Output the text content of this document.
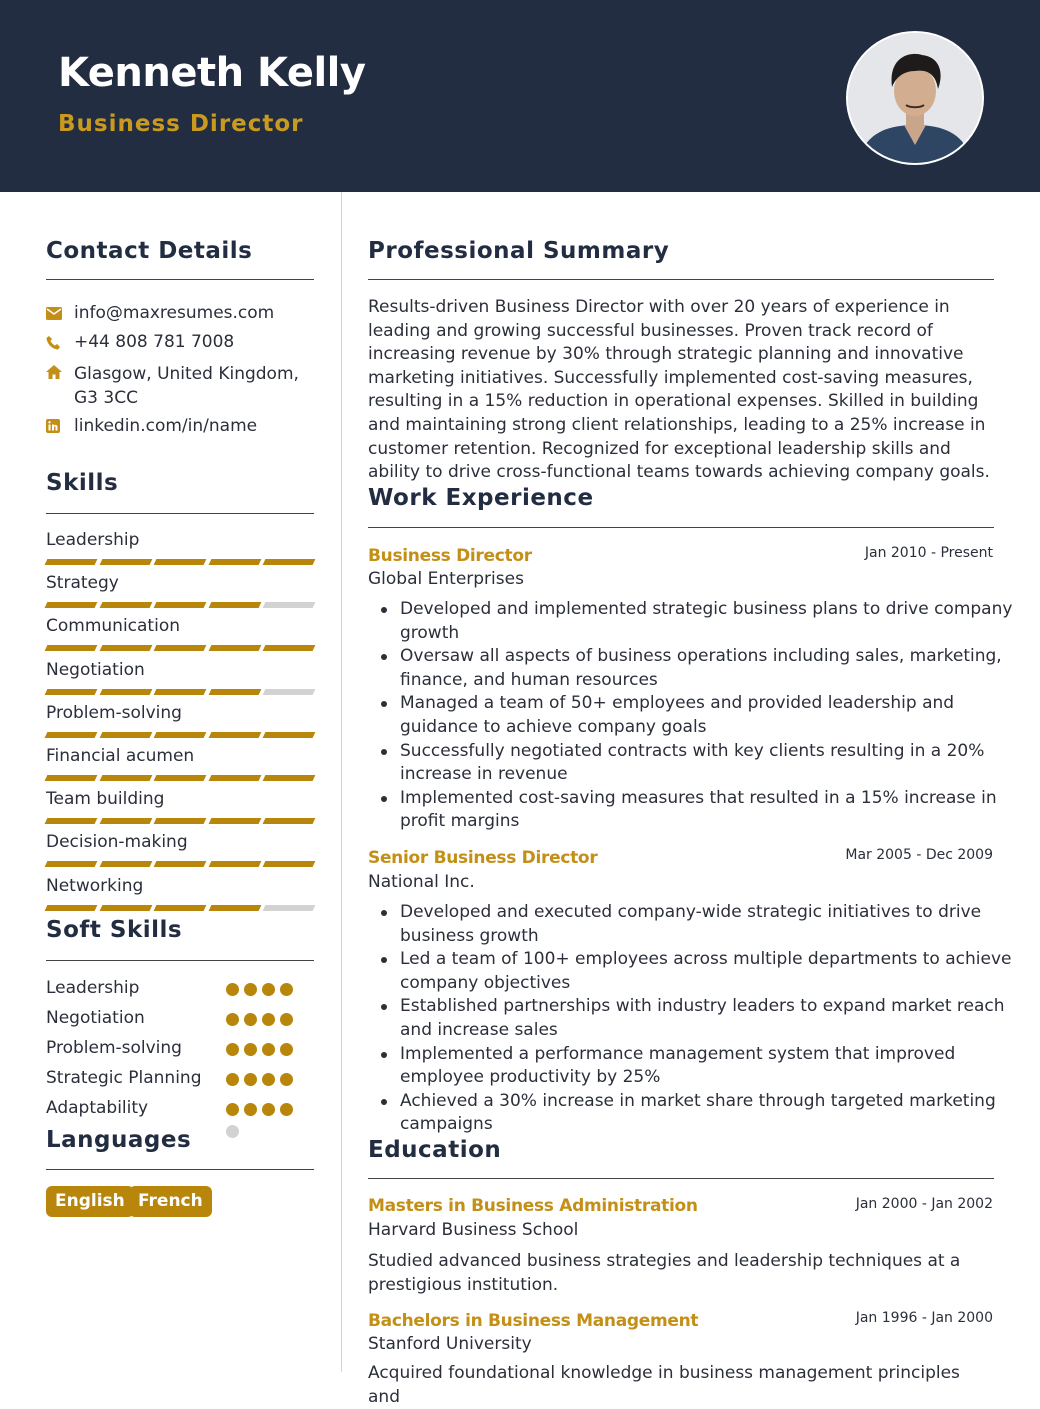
Kenneth Kelly
Business Director
Contact Details
info@maxresumes.com
+44 808 781 7008
Glasgow, United Kingdom, G3 3CC
linkedin.com/in/name
Skills
Leadership
Strategy
Communication
Negotiation
Problem-solving
Financial acumen
Team building
Decision-making
Networking
Soft Skills
Leadership
Negotiation
Problem-solving
Strategic Planning
Adaptability
Languages
English French
Professional Summary
Results-driven Business Director with over 20 years of experience in leading and growing successful businesses. Proven track record of increasing revenue by 30% through strategic planning and innovative marketing initiatives. Successfully implemented cost-saving measures, resulting in a 15% reduction in operational expenses. Skilled in building and maintaining strong client relationships, leading to a 25% increase in customer retention. Recognized for exceptional leadership skills and ability to drive cross-functional teams towards achieving company goals.
Work Experience
Business Director	Jan 2010 - Present
Global Enterprises
Developed and implemented strategic business plans to drive company growth
Oversaw all aspects of business operations including sales, marketing, finance, and human resources
Managed a team of 50+ employees and provided leadership and guidance to achieve company goals
Successfully negotiated contracts with key clients resulting in a 20% increase in revenue
Implemented cost-saving measures that resulted in a 15% increase in profit margins
Senior Business Director	Mar 2005 - Dec 2009
National Inc.
Developed and executed company-wide strategic initiatives to drive business growth
Led a team of 100+ employees across multiple departments to achieve company objectives
Established partnerships with industry leaders to expand market reach and increase sales
Implemented a performance management system that improved employee productivity by 25%
Achieved a 30% increase in market share through targeted marketing campaigns
Education
Masters in Business Administration	Jan 2000 - Jan 2002
Harvard Business School
Studied advanced business strategies and leadership techniques at a prestigious institution.
Bachelors in Business Management	Jan 1996 - Jan 2000
Stanford University
Acquired foundational knowledge in business management principles and
